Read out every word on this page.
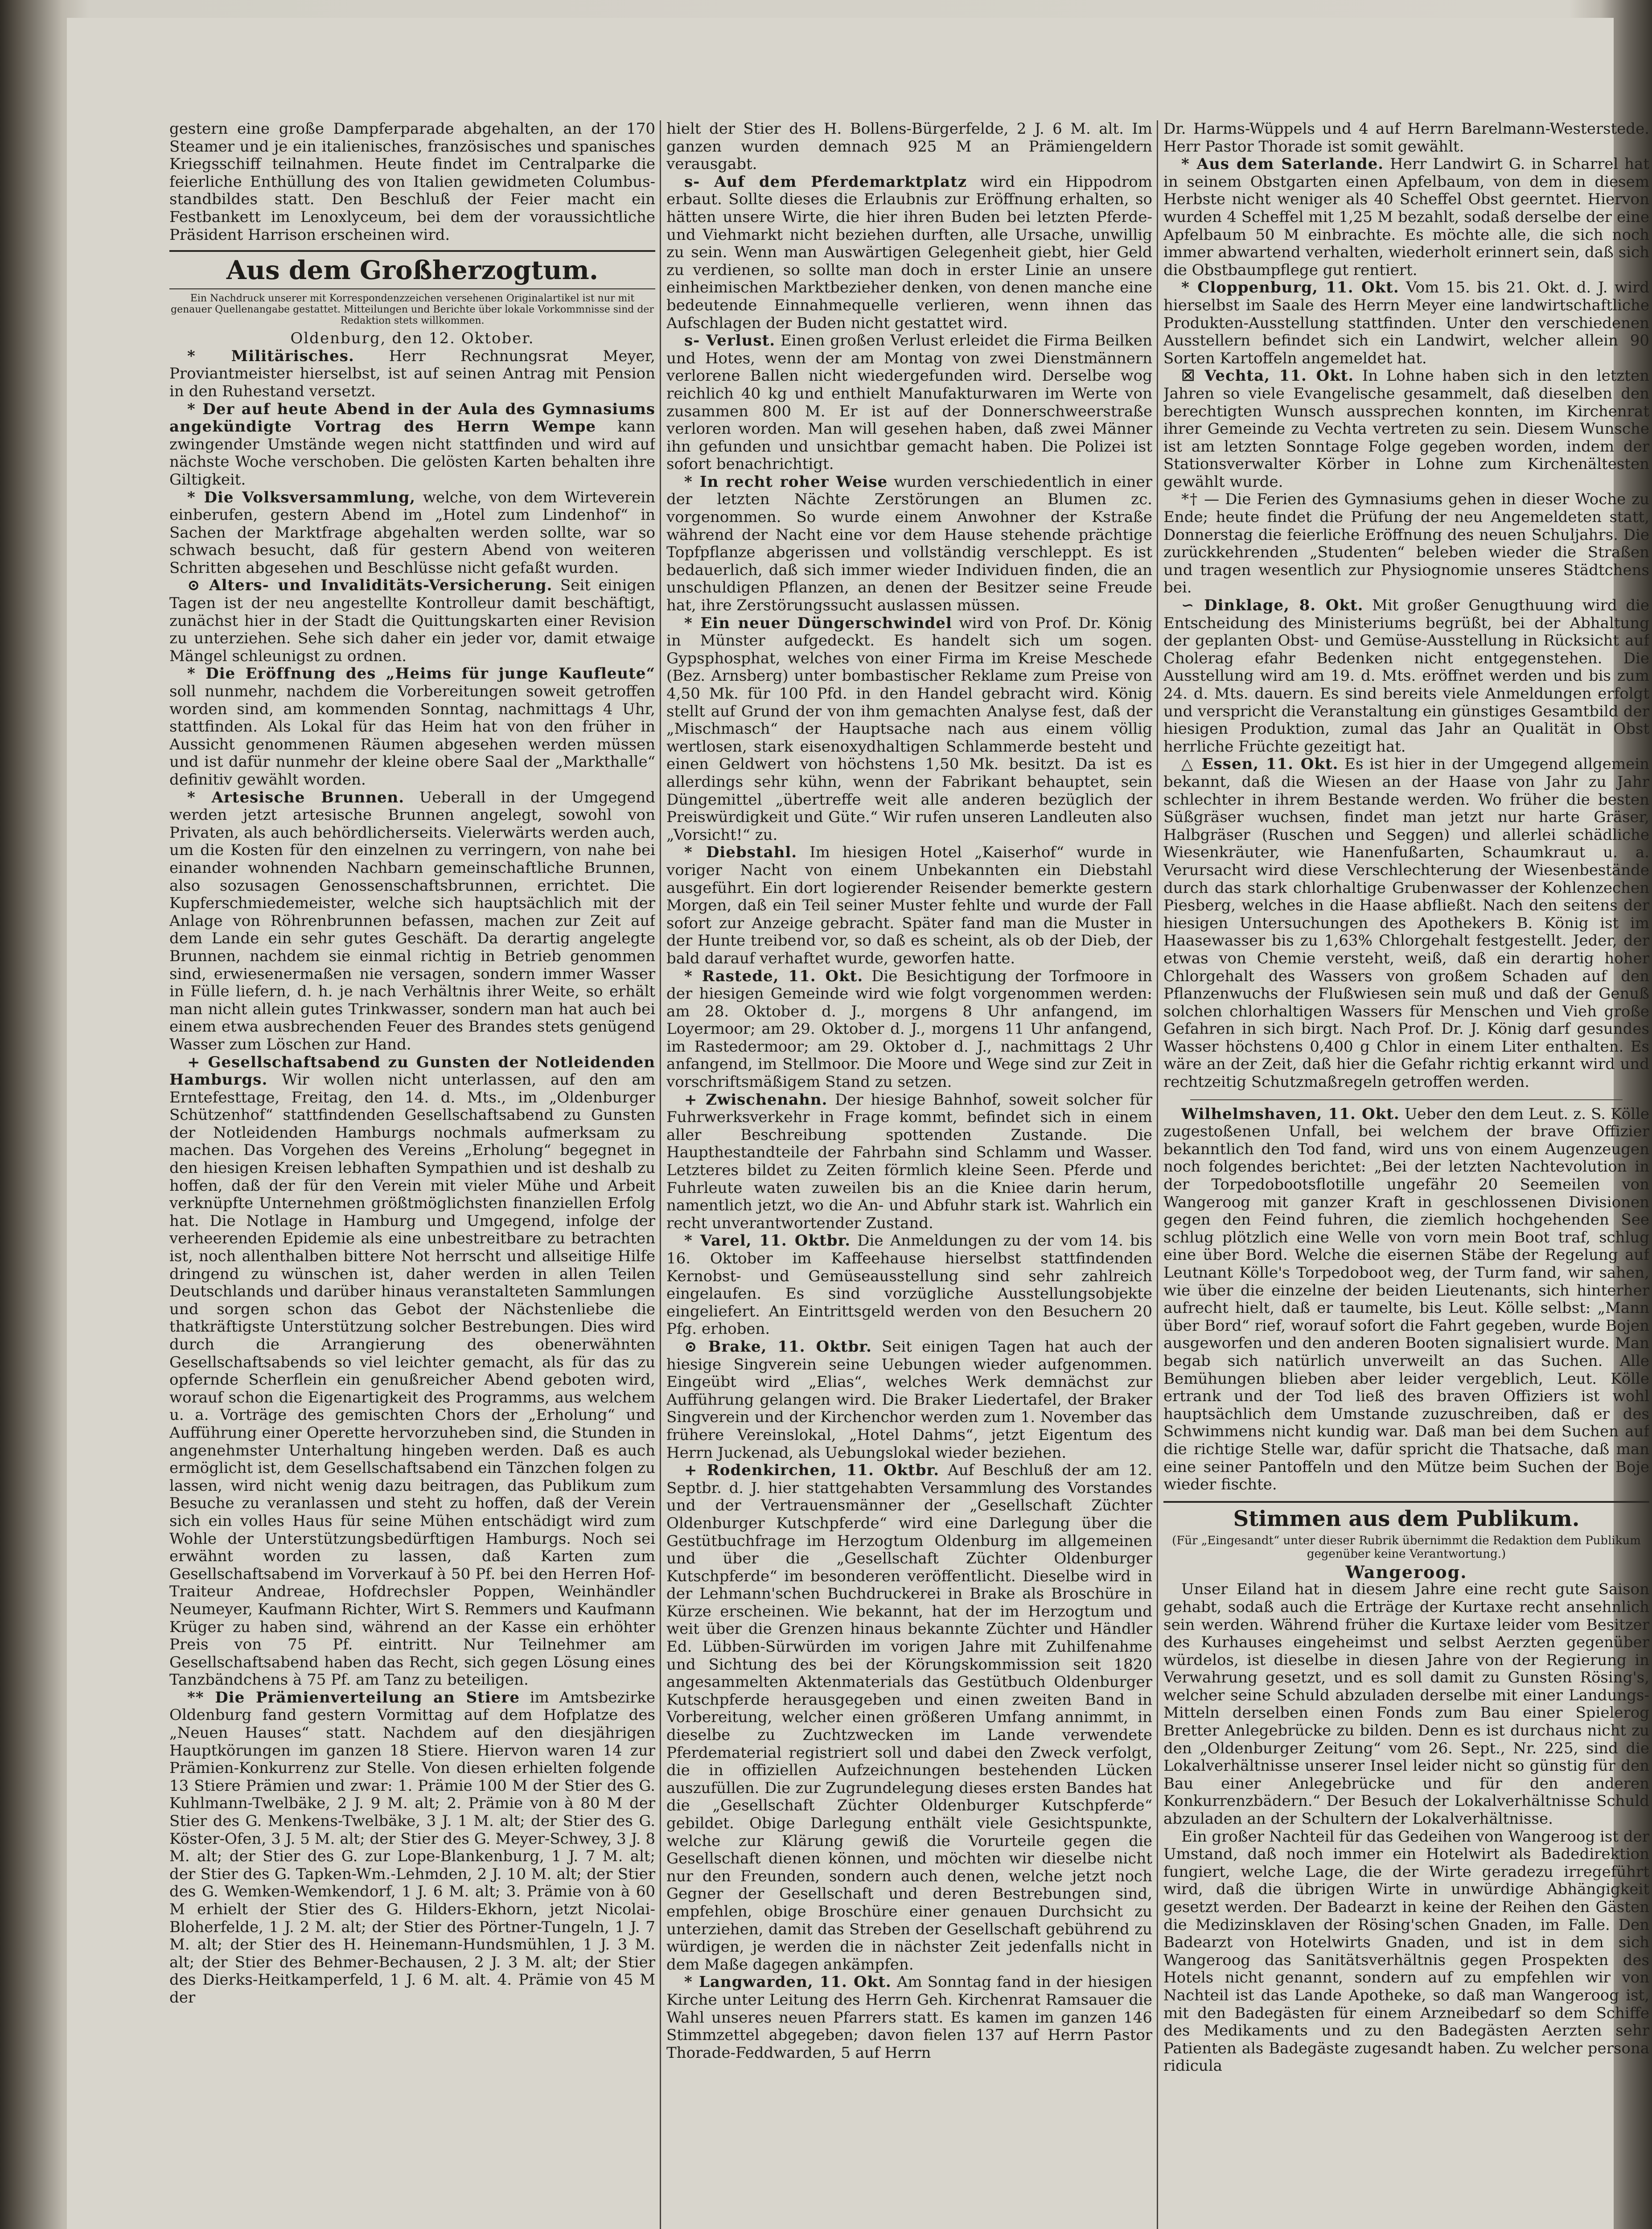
gestern eine große Dampferparade abgehalten, an der 170 Steamer und je ein italienisches, französisches und spanisches Kriegsschiff teilnahmen. Heute findet im Centralparke die feierliche Enthüllung des von Italien gewidmeten Columbus-standbildes statt. Den Beschluß der Feier macht ein Festbankett im Lenoxlyceum, bei dem der voraussichtliche Präsident Harrison erscheinen wird.

Aus dem Großherzogtum.
Ein Nachdruck unserer mit Korrespondenzzeichen versehenen Originalartikel ist nur mit genauer Quellenangabe gestattet. Mitteilungen und Berichte über lokale Vorkommnisse sind der Redaktion stets willkommen.

Oldenburg, den 12. Oktober.

* Militärisches. Herr Rechnungsrat Meyer, Proviantmeister hierselbst, ist auf seinen Antrag mit Pension in den Ruhestand versetzt.

* Der auf heute Abend in der Aula des Gymnasiums angekündigte Vortrag des Herrn Wempe kann zwingender Umstände wegen nicht stattfinden und wird auf nächste Woche verschoben. Die gelösten Karten behalten ihre Giltigkeit.

* Die Volksversammlung, welche, von dem Wirteverein einberufen, gestern Abend im „Hotel zum Lindenhof“ in Sachen der Marktfrage abgehalten werden sollte, war so schwach besucht, daß für gestern Abend von weiteren Schritten abgesehen und Beschlüsse nicht gefaßt wurden.

⊙ Alters- und Invaliditäts-Versicherung. Seit einigen Tagen ist der neu angestellte Kontrolleur damit beschäftigt, zunächst hier in der Stadt die Quittungskarten einer Revision zu unterziehen. Sehe sich daher ein jeder vor, damit etwaige Mängel schleunigst zu ordnen.

* Die Eröffnung des „Heims für junge Kaufleute“ soll nunmehr, nachdem die Vorbereitungen soweit getroffen worden sind, am kommenden Sonntag, nachmittags 4 Uhr, stattfinden. Als Lokal für das Heim hat von den früher in Aussicht genommenen Räumen abgesehen werden müssen und ist dafür nunmehr der kleine obere Saal der „Markthalle“ definitiv gewählt worden.

* Artesische Brunnen. Ueberall in der Umgegend werden jetzt artesische Brunnen angelegt, sowohl von Privaten, als auch behördlicherseits. Vielerwärts werden auch, um die Kosten für den einzelnen zu verringern, von nahe bei einander wohnenden Nachbarn gemeinschaftliche Brunnen, also sozusagen Genossenschaftsbrunnen, errichtet. Die Kupferschmiedemeister, welche sich hauptsächlich mit der Anlage von Röhrenbrunnen befassen, machen zur Zeit auf dem Lande ein sehr gutes Geschäft. Da derartig angelegte Brunnen, nachdem sie einmal richtig in Betrieb genommen sind, erwiesenermaßen nie versagen, sondern immer Wasser in Fülle liefern, d. h. je nach Verhältnis ihrer Weite, so erhält man nicht allein gutes Trinkwasser, sondern man hat auch bei einem etwa ausbrechenden Feuer des Brandes stets genügend Wasser zum Löschen zur Hand.

+ Gesellschaftsabend zu Gunsten der Notleidenden Hamburgs. Wir wollen nicht unterlassen, auf den am Erntefesttage, Freitag, den 14. d. Mts., im „Oldenburger Schützenhof“ stattfindenden Gesellschaftsabend zu Gunsten der Notleidenden Hamburgs nochmals aufmerksam zu machen. Das Vorgehen des Vereins „Erholung“ begegnet in den hiesigen Kreisen lebhaften Sympathien und ist deshalb zu hoffen, daß der für den Verein mit vieler Mühe und Arbeit verknüpfte Unternehmen größtmöglichsten finanziellen Erfolg hat. Die Notlage in Hamburg und Umgegend, infolge der verheerenden Epidemie als eine unbestreitbare zu betrachten ist, noch allenthalben bittere Not herrscht und allseitige Hilfe dringend zu wünschen ist, daher werden in allen Teilen Deutschlands und darüber hinaus veranstalteten Sammlungen und sorgen schon das Gebot der Nächstenliebe die thatkräftigste Unterstützung solcher Bestrebungen. Dies wird durch die Arrangierung des obenerwähnten Gesellschaftsabends so viel leichter gemacht, als für das zu opfernde Scherflein ein genußreicher Abend geboten wird, worauf schon die Eigenartigkeit des Programms, aus welchem u. a. Vorträge des gemischten Chors der „Erholung“ und Aufführung einer Operette hervorzuheben sind, die Stunden in angenehmster Unterhaltung hingeben werden. Daß es auch ermöglicht ist, dem Gesellschaftsabend ein Tänzchen folgen zu lassen, wird nicht wenig dazu beitragen, das Publikum zum Besuche zu veranlassen und steht zu hoffen, daß der Verein sich ein volles Haus für seine Mühen entschädigt wird zum Wohle der Unterstützungsbedürftigen Hamburgs. Noch sei erwähnt worden zu lassen, daß Karten zum Gesellschaftsabend im Vorverkauf à 50 Pf. bei den Herren Hof-Traiteur Andreae, Hofdrechsler Poppen, Weinhändler Neumeyer, Kaufmann Richter, Wirt S. Remmers und Kaufmann Krüger zu haben sind, während an der Kasse ein erhöhter Preis von 75 Pf. eintritt. Nur Teilnehmer am Gesellschaftsabend haben das Recht, sich gegen Lösung eines Tanzbändchens à 75 Pf. am Tanz zu beteiligen.

** Die Prämienverteilung an Stiere im Amtsbezirke Oldenburg fand gestern Vormittag auf dem Hofplatze des „Neuen Hauses“ statt. Nachdem auf den diesjährigen Hauptkörungen im ganzen 18 Stiere. Hiervon waren 14 zur Prämien-Konkurrenz zur Stelle. Von diesen erhielten folgende 13 Stiere Prämien und zwar: 1. Prämie 100 M der Stier des G. Kuhlmann-Twelbäke, 2 J. 9 M. alt; 2. Prämie von à 80 M der Stier des G. Menkens-Twelbäke, 3 J. 1 M. alt; der Stier des G. Köster-Ofen, 3 J. 5 M. alt; der Stier des G. Meyer-Schwey, 3 J. 8 M. alt; der Stier des G. zur Lope-Blankenburg, 1 J. 7 M. alt; der Stier des G. Tapken-Wm.-Lehmden, 2 J. 10 M. alt; der Stier des G. Wemken-Wemkendorf, 1 J. 6 M. alt; 3. Prämie von à 60 M erhielt der Stier des G. Hilders-Ekhorn, jetzt Nicolai-Bloherfelde, 1 J. 2 M. alt; der Stier des Pörtner-Tungeln, 1 J. 7 M. alt; der Stier des H. Heinemann-Hundsmühlen, 1 J. 3 M. alt; der Stier des Behmer-Bechausen, 2 J. 3 M. alt; der Stier des Dierks-Heitkamperfeld, 1 J. 6 M. alt. 4. Prämie von 45 M der

hielt der Stier des H. Bollens-Bürgerfelde, 2 J. 6 M. alt. Im ganzen wurden demnach 925 M an Prämiengeldern verausgabt.

s- Auf dem Pferdemarktplatz wird ein Hippodrom erbaut. Sollte dieses die Erlaubnis zur Eröffnung erhalten, so hätten unsere Wirte, die hier ihren Buden bei letzten Pferde- und Viehmarkt nicht beziehen durften, alle Ursache, unwillig zu sein. Wenn man Auswärtigen Gelegenheit giebt, hier Geld zu verdienen, so sollte man doch in erster Linie an unsere einheimischen Marktbezieher denken, von denen manche eine bedeutende Einnahmequelle verlieren, wenn ihnen das Aufschlagen der Buden nicht gestattet wird.

s- Verlust. Einen großen Verlust erleidet die Firma Beilken und Hotes, wenn der am Montag von zwei Dienstmännern verlorene Ballen nicht wiedergefunden wird. Derselbe wog reichlich 40 kg und enthielt Manufakturwaren im Werte von zusammen 800 M. Er ist auf der Donnerschweerstraße verloren worden. Man will gesehen haben, daß zwei Männer ihn gefunden und unsichtbar gemacht haben. Die Polizei ist sofort benachrichtigt.

* In recht roher Weise wurden verschiedentlich in einer der letzten Nächte Zerstörungen an Blumen zc. vorgenommen. So wurde einem Anwohner der Kstraße während der Nacht eine vor dem Hause stehende prächtige Topfpflanze abgerissen und vollständig verschleppt. Es ist bedauerlich, daß sich immer wieder Individuen finden, die an unschuldigen Pflanzen, an denen der Besitzer seine Freude hat, ihre Zerstörungssucht auslassen müssen.

* Ein neuer Düngerschwindel wird von Prof. Dr. König in Münster aufgedeckt. Es handelt sich um sogen. Gypsphosphat, welches von einer Firma im Kreise Meschede (Bez. Arnsberg) unter bombastischer Reklame zum Preise von 4,50 Mk. für 100 Pfd. in den Handel gebracht wird. König stellt auf Grund der von ihm gemachten Analyse fest, daß der „Mischmasch“ der Hauptsache nach aus einem völlig wertlosen, stark eisenoxydhaltigen Schlammerde besteht und einen Geldwert von höchstens 1,50 Mk. besitzt. Da ist es allerdings sehr kühn, wenn der Fabrikant behauptet, sein Düngemittel „übertreffe weit alle anderen bezüglich der Preiswürdigkeit und Güte.“ Wir rufen unseren Landleuten also „Vorsicht!“ zu.

* Diebstahl. Im hiesigen Hotel „Kaiserhof“ wurde in voriger Nacht von einem Unbekannten ein Diebstahl ausgeführt. Ein dort logierender Reisender bemerkte gestern Morgen, daß ein Teil seiner Muster fehlte und wurde der Fall sofort zur Anzeige gebracht. Später fand man die Muster in der Hunte treibend vor, so daß es scheint, als ob der Dieb, der bald darauf verhaftet wurde, geworfen hatte.

* Rastede, 11. Okt. Die Besichtigung der Torfmoore in der hiesigen Gemeinde wird wie folgt vorgenommen werden: am 28. Oktober d. J., morgens 8 Uhr anfangend, im Loyermoor; am 29. Oktober d. J., morgens 11 Uhr anfangend, im Rastedermoor; am 29. Oktober d. J., nachmittags 2 Uhr anfangend, im Stellmoor. Die Moore und Wege sind zur Zeit in vorschriftsmäßigem Stand zu setzen.

+ Zwischenahn. Der hiesige Bahnhof, soweit solcher für Fuhrwerksverkehr in Frage kommt, befindet sich in einem aller Beschreibung spottenden Zustande. Die Haupthestandteile der Fahrbahn sind Schlamm und Wasser. Letzteres bildet zu Zeiten förmlich kleine Seen. Pferde und Fuhrleute waten zuweilen bis an die Kniee darin herum, namentlich jetzt, wo die An- und Abfuhr stark ist. Wahrlich ein recht unverantwortender Zustand.

* Varel, 11. Oktbr. Die Anmeldungen zu der vom 14. bis 16. Oktober im Kaffeehause hierselbst stattfindenden Kernobst- und Gemüseausstellung sind sehr zahlreich eingelaufen. Es sind vorzügliche Ausstellungsobjekte eingeliefert. An Eintrittsgeld werden von den Besuchern 20 Pfg. erhoben.

⊙ Brake, 11. Oktbr. Seit einigen Tagen hat auch der hiesige Singverein seine Uebungen wieder aufgenommen. Eingeübt wird „Elias“, welches Werk demnächst zur Aufführung gelangen wird. Die Braker Liedertafel, der Braker Singverein und der Kirchenchor werden zum 1. November das frühere Vereinslokal, „Hotel Dahms“, jetzt Eigentum des Herrn Juckenad, als Uebungslokal wieder beziehen.

+ Rodenkirchen, 11. Oktbr. Auf Beschluß der am 12. Septbr. d. J. hier stattgehabten Versammlung des Vorstandes und der Vertrauensmänner der „Gesellschaft Züchter Oldenburger Kutschpferde“ wird eine Darlegung über die Gestütbuchfrage im Herzogtum Oldenburg im allgemeinen und über die „Gesellschaft Züchter Oldenburger Kutschpferde“ im besonderen veröffentlicht. Dieselbe wird in der Lehmann'schen Buchdruckerei in Brake als Broschüre in Kürze erscheinen. Wie bekannt, hat der im Herzogtum und weit über die Grenzen hinaus bekannte Züchter und Händler Ed. Lübben-Sürwürden im vorigen Jahre mit Zuhilfenahme und Sichtung des bei der Körungskommission seit 1820 angesammelten Aktenmaterials das Gestütbuch Oldenburger Kutschpferde herausgegeben und einen zweiten Band in Vorbereitung, welcher einen größeren Umfang annimmt, in dieselbe zu Zuchtzwecken im Lande verwendete Pferdematerial registriert soll und dabei den Zweck verfolgt, die in offiziellen Aufzeichnungen bestehenden Lücken auszufüllen. Die zur Zugrundelegung dieses ersten Bandes hat die „Gesellschaft Züchter Oldenburger Kutschpferde“ gebildet. Obige Darlegung enthält viele Gesichtspunkte, welche zur Klärung gewiß die Vorurteile gegen die Gesellschaft dienen können, und möchten wir dieselbe nicht nur den Freunden, sondern auch denen, welche jetzt noch Gegner der Gesellschaft und deren Bestrebungen sind, empfehlen, obige Broschüre einer genauen Durchsicht zu unterziehen, damit das Streben der Gesellschaft gebührend zu würdigen, je werden die in nächster Zeit jedenfalls nicht in dem Maße dagegen ankämpfen.

* Langwarden, 11. Okt. Am Sonntag fand in der hiesigen Kirche unter Leitung des Herrn Geh. Kirchenrat Ramsauer die Wahl unseres neuen Pfarrers statt. Es kamen im ganzen 146 Stimmzettel abgegeben; davon fielen 137 auf Herrn Pastor Thorade-Feddwarden, 5 auf Herrn

Dr. Harms-Wüppels und 4 auf Herrn Barelmann-Westerstede. Herr Pastor Thorade ist somit gewählt.

* Aus dem Saterlande. Herr Landwirt G. in Scharrel hat in seinem Obstgarten einen Apfelbaum, von dem in diesem Herbste nicht weniger als 40 Scheffel Obst geerntet. Hiervon wurden 4 Scheffel mit 1,25 M bezahlt, sodaß derselbe der eine Apfelbaum 50 M einbrachte. Es möchte alle, die sich noch immer abwartend verhalten, wiederholt erinnert sein, daß sich die Obstbaumpflege gut rentiert.

* Cloppenburg, 11. Okt. Vom 15. bis 21. Okt. d. J. wird hierselbst im Saale des Herrn Meyer eine landwirtschaftliche Produkten-Ausstellung stattfinden. Unter den verschiedenen Ausstellern befindet sich ein Landwirt, welcher allein 90 Sorten Kartoffeln angemeldet hat.

☒ Vechta, 11. Okt. In Lohne haben sich in den letzten Jahren so viele Evangelische gesammelt, daß dieselben den berechtigten Wunsch aussprechen konnten, im Kirchenrat ihrer Gemeinde zu Vechta vertreten zu sein. Diesem Wunsche ist am letzten Sonntage Folge gegeben worden, indem der Stationsverwalter Körber in Lohne zum Kirchenältesten gewählt wurde.

*† — Die Ferien des Gymnasiums gehen in dieser Woche zu Ende; heute findet die Prüfung der neu Angemeldeten statt, Donnerstag die feierliche Eröffnung des neuen Schuljahrs. Die zurückkehrenden „Studenten“ beleben wieder die Straßen und tragen wesentlich zur Physiognomie unseres Städtchens bei.

∽ Dinklage, 8. Okt. Mit großer Genugthuung wird die Entscheidung des Ministeriums begrüßt, bei der Abhaltung der geplanten Obst- und Gemüse-Ausstellung in Rücksicht auf Cholerag efahr Bedenken nicht entgegenstehen. Die Ausstellung wird am 19. d. Mts. eröffnet werden und bis zum 24. d. Mts. dauern. Es sind bereits viele Anmeldungen erfolgt und verspricht die Veranstaltung ein günstiges Gesamtbild der hiesigen Produktion, zumal das Jahr an Qualität in Obst herrliche Früchte gezeitigt hat.

△ Essen, 11. Okt. Es ist hier in der Umgegend allgemein bekannt, daß die Wiesen an der Haase von Jahr zu Jahr schlechter in ihrem Bestande werden. Wo früher die besten Süßgräser wuchsen, findet man jetzt nur harte Gräser, Halbgräser (Ruschen und Seggen) und allerlei schädliche Wiesenkräuter, wie Hanenfußarten, Schaumkraut u. a. Verursacht wird diese Verschlechterung der Wiesenbestände durch das stark chlorhaltige Grubenwasser der Kohlenzechen Piesberg, welches in die Haase abfließt. Nach den seitens der hiesigen Untersuchungen des Apothekers B. König ist im Haasewasser bis zu 1,63% Chlorgehalt festgestellt. Jeder, der etwas von Chemie versteht, weiß, daß ein derartig hoher Chlorgehalt des Wassers von großem Schaden auf den Pflanzenwuchs der Flußwiesen sein muß und daß der Genuß solchen chlorhaltigen Wassers für Menschen und Vieh große Gefahren in sich birgt. Nach Prof. Dr. J. König darf gesundes Wasser höchstens 0,400 g Chlor in einem Liter enthalten. Es wäre an der Zeit, daß hier die Gefahr richtig erkannt wird und rechtzeitig Schutzmaßregeln getroffen werden.

Wilhelmshaven, 11. Okt. Ueber den dem Leut. z. S. Kölle zugestoßenen Unfall, bei welchem der brave Offizier bekanntlich den Tod fand, wird uns von einem Augenzeugen noch folgendes berichtet: „Bei der letzten Nachtevolution in der Torpedobootsflotille ungefähr 20 Seemeilen von Wangeroog mit ganzer Kraft in geschlossenen Divisionen gegen den Feind fuhren, die ziemlich hochgehenden See schlug plötzlich eine Welle von vorn mein Boot traf, schlug eine über Bord. Welche die eisernen Stäbe der Regelung auf Leutnant Kölle's Torpedoboot weg, der Turm fand, wir sahen, wie über die einzelne der beiden Lieutenants, sich hinterher aufrecht hielt, daß er taumelte, bis Leut. Kölle selbst: „Mann über Bord“ rief, worauf sofort die Fahrt gegeben, wurde Bojen ausgeworfen und den anderen Booten signalisiert wurde. Man begab sich natürlich unverweilt an das Suchen. Alle Bemühungen blieben aber leider vergeblich, Leut. Kölle ertrank und der Tod ließ des braven Offiziers ist wohl hauptsächlich dem Umstande zuzuschreiben, daß er des Schwimmens nicht kundig war. Daß man bei dem Suchen auf die richtige Stelle war, dafür spricht die Thatsache, daß man eine seiner Pantoffeln und den Mütze beim Suchen der Boje wieder fischte.

Stimmen aus dem Publikum.
(Für „Eingesandt“ unter dieser Rubrik übernimmt die Redaktion dem Publikum gegenüber keine Verantwortung.)

Wangeroog.

Unser Eiland hat in diesem Jahre eine recht gute Saison gehabt, sodaß auch die Erträge der Kurtaxe recht ansehnlich sein werden. Während früher die Kurtaxe leider vom Besitzer des Kurhauses eingeheimst und selbst Aerzten gegenüber würdelos, ist dieselbe in diesen Jahre von der Regierung in Verwahrung gesetzt, und es soll damit zu Gunsten Rösing's, welcher seine Schuld abzuladen derselbe mit einer Landungs-Mitteln derselben einen Fonds zum Bau einer Spielerog Bretter Anlegebrücke zu bilden. Denn es ist durchaus nicht zu den „Oldenburger Zeitung“ vom 26. Sept., Nr. 225, sind die Lokalverhältnisse unserer Insel leider nicht so günstig für den Bau einer Anlegebrücke und für den anderen Konkurrenzbädern.“ Der Besuch der Lokalverhältnisse Schuld abzuladen an der Schultern der Lokalverhältnisse.

Ein großer Nachteil für das Gedeihen von Wangeroog ist der Umstand, daß noch immer ein Hotelwirt als Badedirektion fungiert, welche Lage, die der Wirte geradezu irregeführt wird, daß die übrigen Wirte in unwürdige Abhängigkeit gesetzt werden. Der Badearzt in keine der Reihen den Gästen die Medizinsklaven der Rösing'schen Gnaden, im Falle. Den Badearzt von Hotelwirts Gnaden, und ist in dem sich Wangeroog das Sanitätsverhältnis gegen Prospekten des Hotels nicht genannt, sondern auf zu empfehlen wir von Nachteil ist das Lande Apotheke, so daß man Wangeroog ist, mit den Badegästen für einem Arzneibedarf so dem Schiffe des Medikaments und zu den Badegästen Aerzten sehr Patienten als Badegäste zugesandt haben. Zu welcher persona ridicula
